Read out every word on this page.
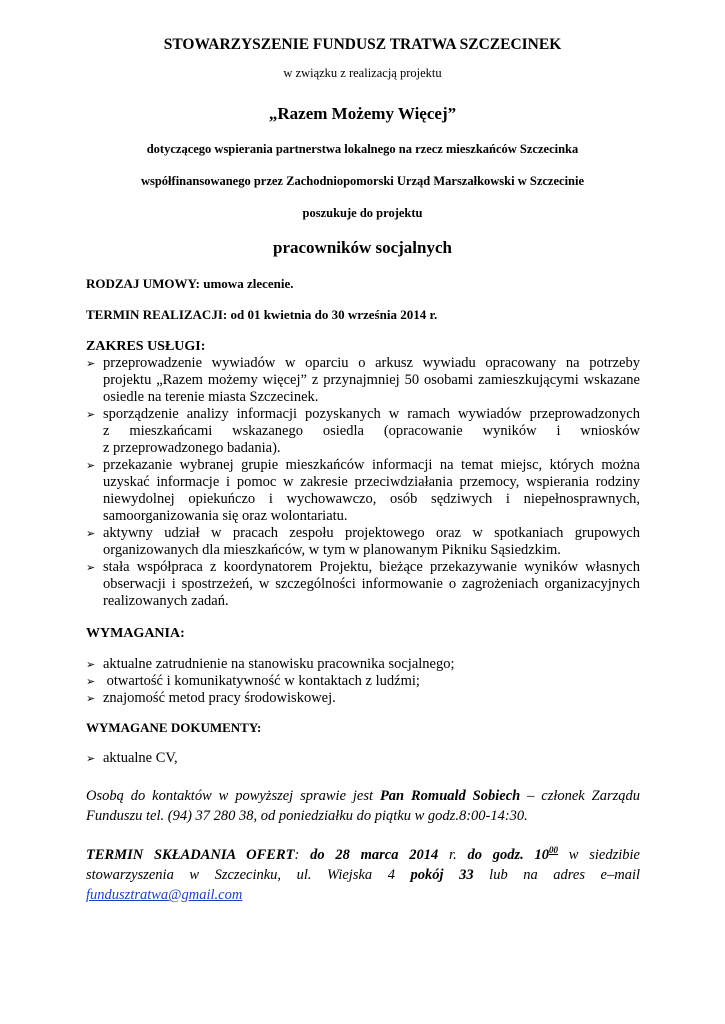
STOWARZYSZENIE FUNDUSZ TRATWA SZCZECINEK
w związku z realizacją projektu
„Razem Możemy Więcej”
dotyczącego wspierania partnerstwa lokalnego na rzecz mieszkańców Szczecinka
współfinansowanego przez Zachodniopomorski Urząd Marszałkowski w Szczecinie
poszukuje do projektu
pracowników socjalnych
RODZAJ UMOWY: umowa zlecenie.
TERMIN REALIZACJI: od 01 kwietnia do 30 września 2014 r.
ZAKRES USŁUGI:
➢ przeprowadzenie wywiadów w oparciu o arkusz wywiadu opracowany na potrzeby
projektu „Razem możemy więcej” z przynajmniej 50 osobami zamieszkującymi wskazane
osiedle na terenie miasta Szczecinek.
➢ sporządzenie analizy informacji pozyskanych w ramach wywiadów przeprowadzonych
z mieszkańcami wskazanego osiedla (opracowanie wyników i wniosków
z przeprowadzonego badania).
➢ przekazanie wybranej grupie mieszkańców informacji na temat miejsc, których można
uzyskać informacje i pomoc w zakresie przeciwdziałania przemocy, wspierania rodziny
niewydolnej opiekuńczo i wychowawczo, osób sędziwych i niepełnosprawnych,
samoorganizowania się oraz wolontariatu.
➢ aktywny udział w pracach zespołu projektowego oraz w spotkaniach grupowych
organizowanych dla mieszkańców, w tym w planowanym Pikniku Sąsiedzkim.
➢ stała współpraca z koordynatorem Projektu, bieżące przekazywanie wyników własnych
obserwacji i spostrzeżeń, w szczególności informowanie o zagrożeniach organizacyjnych
realizowanych zadań.
WYMAGANIA:
➢ aktualne zatrudnienie na stanowisku pracownika socjalnego;
➢ otwartość i komunikatywność w kontaktach z ludźmi;
➢ znajomość metod pracy środowiskowej.
WYMAGANE DOKUMENTY:
➢ aktualne CV,
Osobą do kontaktów w powyższej sprawie jest Pan Romuald Sobiech – członek Zarządu Funduszu tel. (94) 37 280 38, od poniedziałku do piątku w godz.8:00-14:30.
TERMIN SKŁADANIA OFERT: do 28 marca 2014 r. do godz. $10^{00}$ w siedzibie stowarzyszenia w Szczecinku, ul. Wiejska 4 pokój 33 lub na adres e–mail fundusztratwa@gmail.com
